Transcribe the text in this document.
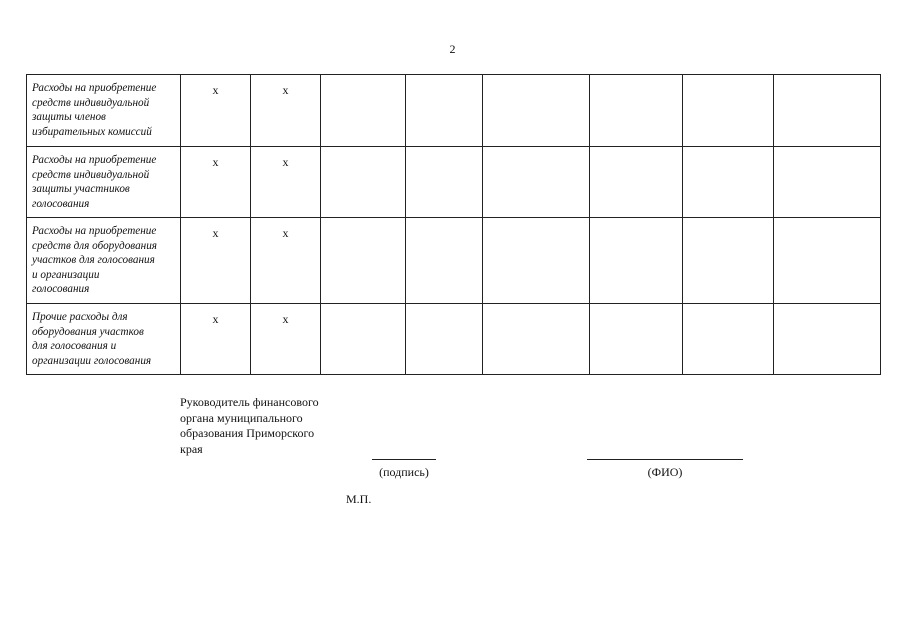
2
Расходы на приобретение
средств индивидуальной
защиты членов
избирательных комиссий	х	х						

Расходы на приобретение
средств индивидуальной
защиты участников
голосования	х	х						

Расходы на приобретение
средств для оборудования
участков для голосования
и организации
голосования	х	х						

Прочие расходы для
оборудования участков
для голосования и
организации голосования	х	х						
Руководитель финансового
органа муниципального
образования Приморского
края
(подпись)	(ФИО)
М.П.
